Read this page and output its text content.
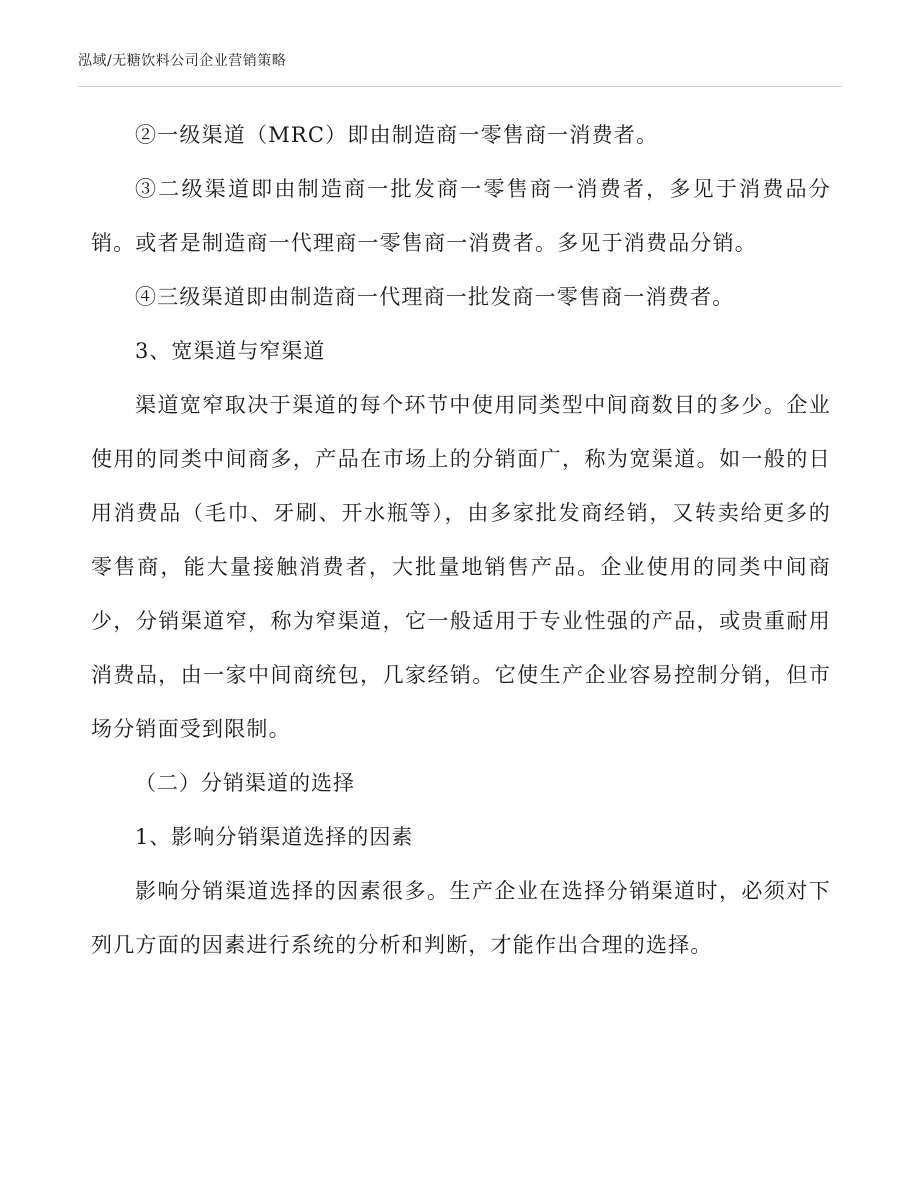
泓域/无糖饮料公司企业营销策略

②一级渠道（MRC）即由制造商一零售商一消费者。

③二级渠道即由制造商一批发商一零售商一消费者，多见于消费品分销。或者是制造商一代理商一零售商一消费者。多见于消费品分销。

④三级渠道即由制造商一代理商一批发商一零售商一消费者。

3、宽渠道与窄渠道

渠道宽窄取决于渠道的每个环节中使用同类型中间商数目的多少。企业使用的同类中间商多，产品在市场上的分销面广，称为宽渠道。如一般的日用消费品（毛巾、牙刷、开水瓶等），由多家批发商经销，又转卖给更多的零售商，能大量接触消费者，大批量地销售产品。企业使用的同类中间商少，分销渠道窄，称为窄渠道，它一般适用于专业性强的产品，或贵重耐用消费品，由一家中间商统包，几家经销。它使生产企业容易控制分销，但市场分销面受到限制。

（二）分销渠道的选择

1、影响分销渠道选择的因素

影响分销渠道选择的因素很多。生产企业在选择分销渠道时，必须对下列几方面的因素进行系统的分析和判断，才能作出合理的选择。
